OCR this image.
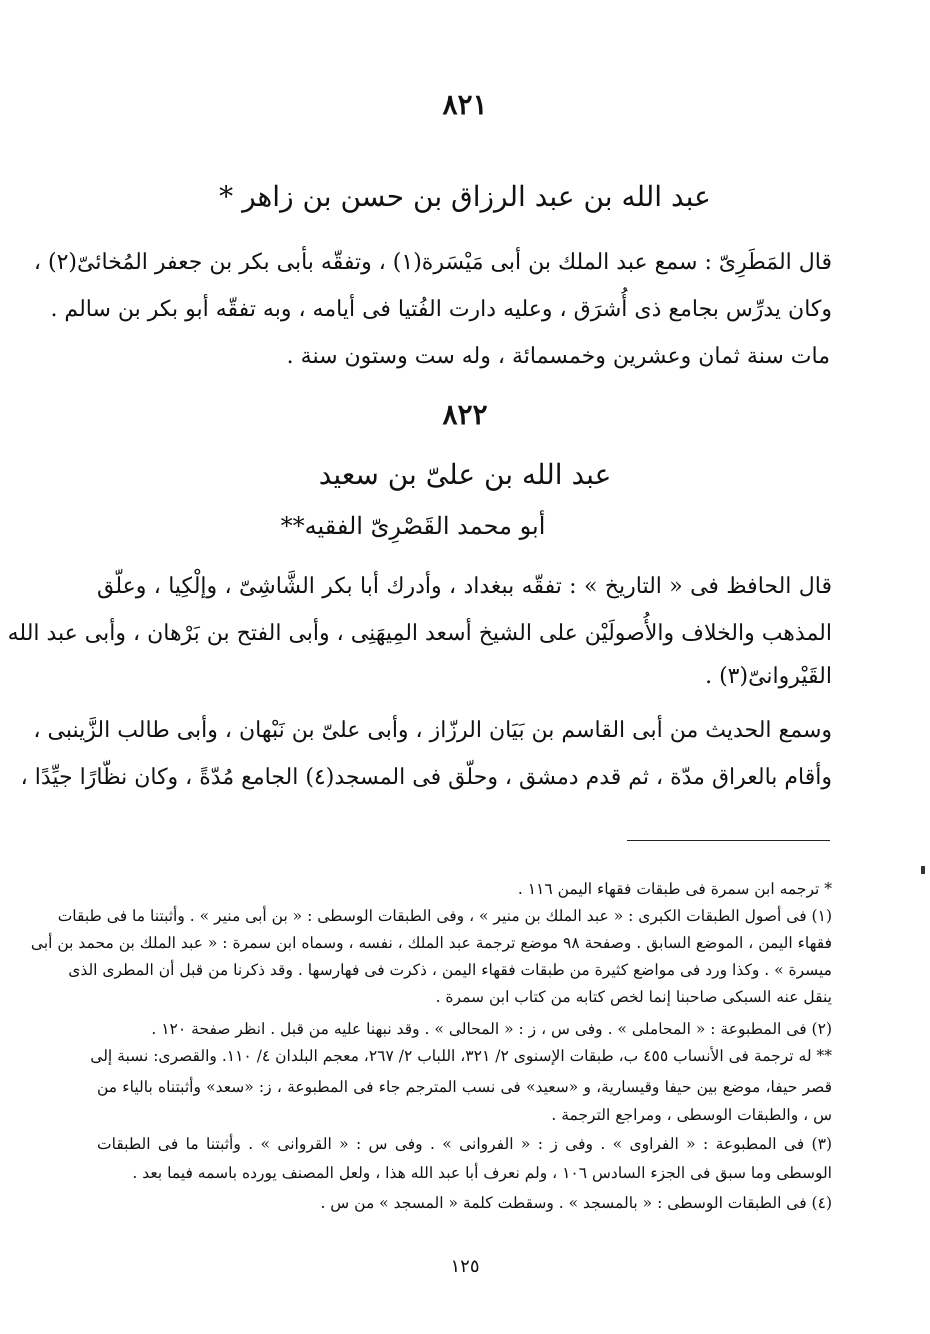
٨٢١
عبد الله بن عبد الرزاق بن حسن بن زاهر *
قال المَطَرِىّ : سمع عبد الملك بن أبى مَيْسَرة(١) ، وتفقّه بأبى بكر بن جعفر المُخائىّ(٢) ،
وكان يدرِّس بجامع ذى أُشرَق ، وعليه دارت الفُتيا فى أيامه ، وبه تفقّه أبو بكر بن سالم .
مات سنة ثمان وعشرين وخمسمائة ، وله ست وستون سنة .
٨٢٢
عبد الله بن علىّ بن سعيد
أبو محمد القَصْرِىّ الفقيه**
قال الحافظ فى « التاريخ » : تفقّه ببغداد ، وأدرك أبا بكر الشَّاشِىّ ، وإلْكِيا ، وعلّق
المذهب والخلاف والأُصولَيْن على الشيخ أسعد المِيهَنِى ، وأبى الفتح بن بَرْهان ، وأبى عبد الله
القَيْروانىّ(٣) .
وسمع الحديث من أبى القاسم بن بَيَان الرزّاز ، وأبى علىّ بن نَبْهان ، وأبى طالب الزَّينبى ،
وأقام بالعراق مدّة ، ثم قدم دمشق ، وحلّق فى المسجد(٤) الجامع مُدّةً ، وكان نظّارًا جيِّدًا ،
* ترجمه ابن سمرة فى طبقات فقهاء اليمن ١١٦ .
(١) فى أصول الطبقات الكبرى : « عبد الملك بن منير » ، وفى الطبقات الوسطى : « بن أبى منير » . وأثبتنا ما فى طبقات
فقهاء اليمن ، الموضع السابق . وصفحة ٩٨ موضع ترجمة عبد الملك ، نفسه ، وسماه ابن سمرة : « عبد الملك بن محمد بن أبى
ميسرة » . وكذا ورد فى مواضع كثيرة من طبقات فقهاء اليمن ، ذكرت فى فهارسها . وقد ذكرنا من قبل أن المطرى الذى
ينقل عنه السبكى صاحبنا إنما لخص كتابه من كتاب ابن سمرة .
(٢) فى المطبوعة : « المحاملى » . وفى س ، ز : « المحالى » . وقد نبهنا عليه من قبل . انظر صفحة ١٢٠ .
** له ترجمة فى الأنساب ٤٥٥ ب، طبقات الإسنوى ٢/ ٣٢١، اللباب ٢/ ٢٦٧، معجم البلدان ٤/ ١١٠. والقصرى: نسبة إلى
قصر حيفا، موضع بين حيفا وقيسارية، و «سعيد» فى نسب المترجم جاء فى المطبوعة ، ز: «سعد» وأثبتناه بالياء من
س ، والطبقات الوسطى ، ومراجع الترجمة .
(٣) فى المطبوعة : « الفراوى » . وفى ز : « الفروانى » . وفى س : « القروانى » . وأثبتنا ما فى الطبقات
الوسطى وما سبق فى الجزء السادس ١٠٦ ، ولم نعرف أبا عبد الله هذا ، ولعل المصنف يورده باسمه فيما بعد .
(٤) فى الطبقات الوسطى : « بالمسجد » . وسقطت كلمة « المسجد » من س .
١٢٥
